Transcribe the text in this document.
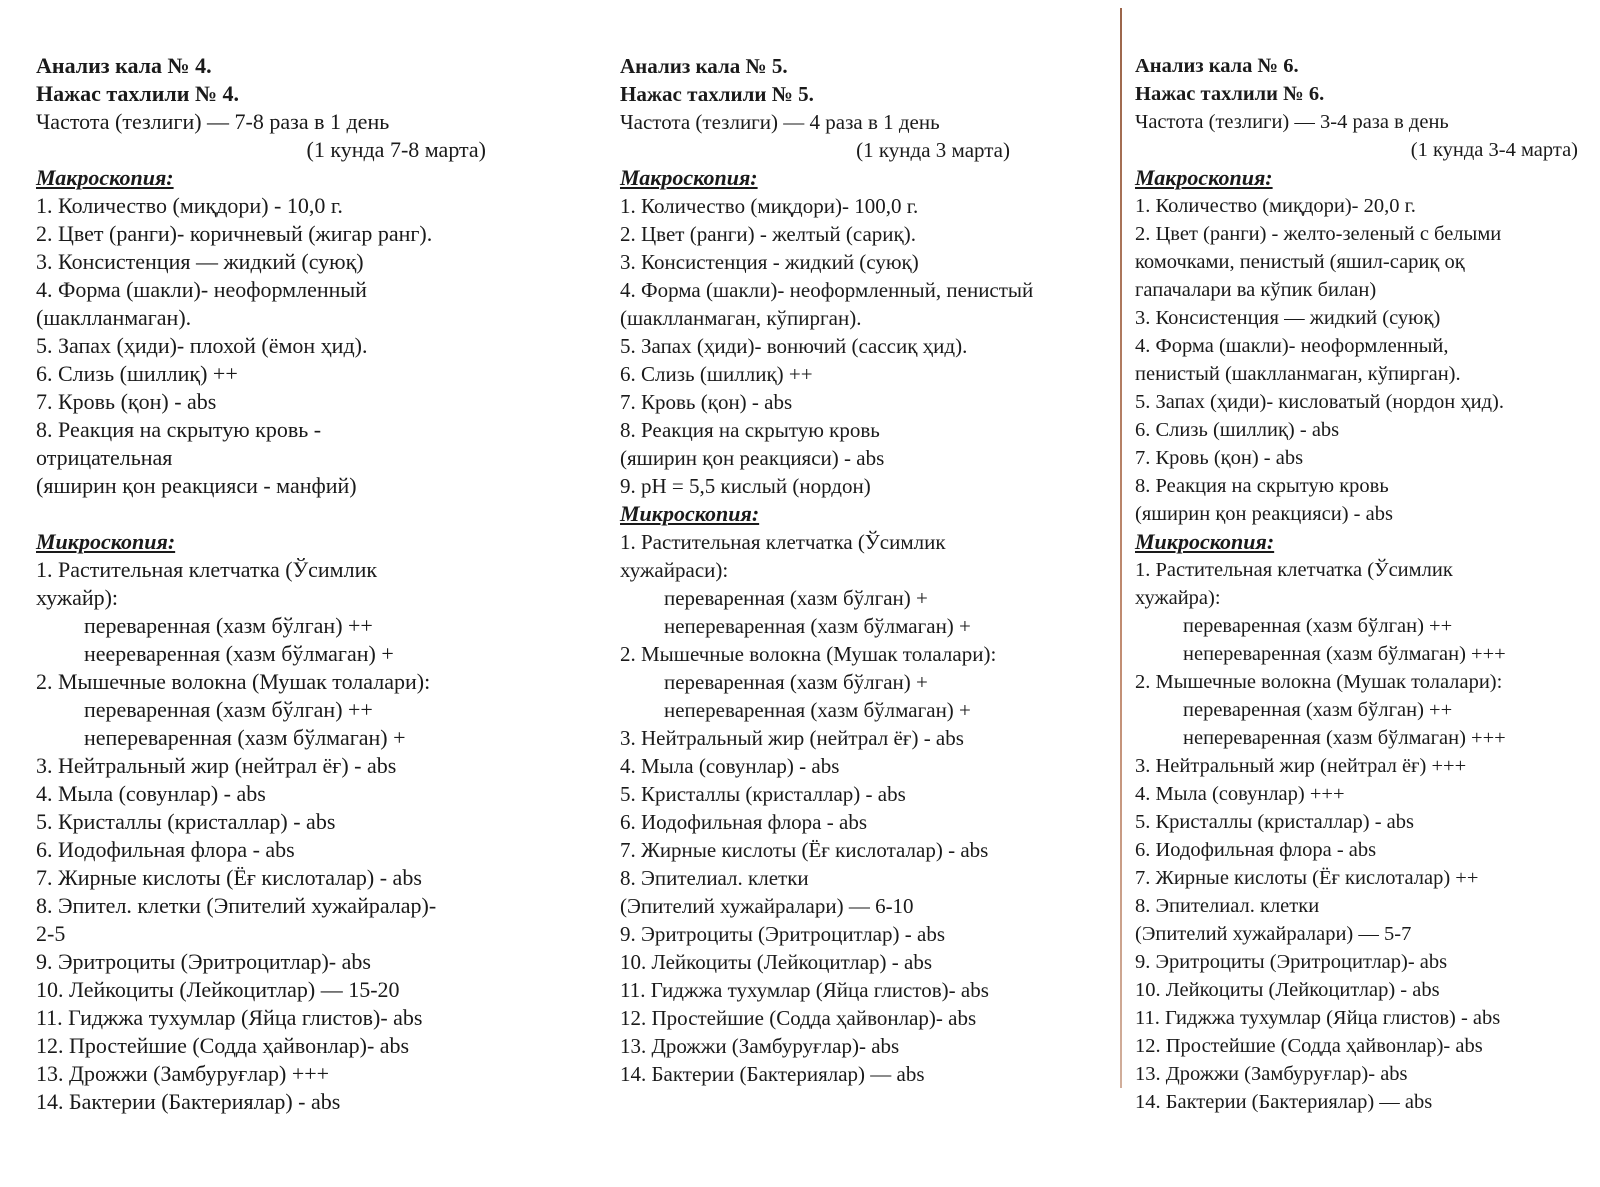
Анализ кала № 4.

Нажас тахлили № 4.

Частота (тезлиги) — 7-8 раза в 1 день

(1 кунда 7-8 марта)

Макроскопия:

1. Количество (миқдори) - 10,0 г.

2. Цвет (ранги)- коричневый (жигар ранг).

3. Консистенция — жидкий (суюқ)

4. Форма (шакли)- неоформленный

(шаклланмаган).

5. Запах (ҳиди)- плохой (ёмон ҳид).

6. Слизь (шиллиқ) ++

7. Кровь (қон) - abs

8. Реакция на скрытую кровь -

отрицательная

(яширин қон реакцияси - манфий)

Микроскопия:

1. Растительная клетчатка (Ўсимлик

хужайр):

переваренная (хазм бўлган) ++

неереваренная (хазм бўлмаган) +

2. Мышечные волокна (Мушак толалари):

переваренная (хазм бўлган) ++

непереваренная (хазм бўлмаган) +

3. Нейтральный жир (нейтрал ёғ) - abs

4. Мыла (совунлар) - abs

5. Кристаллы (кристаллар) - abs

6. Иодофильная флора - abs

7. Жирные кислоты (Ёғ кислоталар) - abs

8. Эпител. клетки (Эпителий хужайралар)-

2-5

9. Эритроциты (Эритроцитлар)- abs

10. Лейкоциты (Лейкоцитлар) — 15-20

11. Гиджжа тухумлар (Яйца глистов)- abs

12. Простейшие (Содда ҳайвонлар)- abs

13. Дрожжи (Замбуруғлар) +++

14. Бактерии (Бактериялар) - abs

Анализ кала № 5.

Нажас тахлили № 5.

Частота (тезлиги) — 4 раза в 1 день

(1 кунда 3 марта)

Макроскопия:

1. Количество (миқдори)- 100,0 г.

2. Цвет (ранги) - желтый (сариқ).

3. Консистенция - жидкий (суюқ)

4. Форма (шакли)- неоформленный, пенистый

(шаклланмаган, кўпирган).

5. Запах (ҳиди)- вонючий (сассиқ ҳид).

6. Слизь (шиллиқ) ++

7. Кровь (қон) - abs

8. Реакция на скрытую кровь

(яширин қон реакцияси) - abs

9. pH = 5,5 кислый (нордон)

Микроскопия:

1. Растительная клетчатка (Ўсимлик

хужайраси):

переваренная (хазм бўлган) +

непереваренная (хазм бўлмаган) +

2. Мышечные волокна (Мушак толалари):

переваренная (хазм бўлган) +

непереваренная (хазм бўлмаган) +

3. Нейтральный жир (нейтрал ёғ) - abs

4. Мыла (совунлар) - abs

5. Кристаллы (кристаллар) - abs

6. Иодофильная флора - abs

7. Жирные кислоты (Ёғ кислоталар) - abs

8. Эпителиал. клетки

(Эпителий хужайралари) — 6-10

9. Эритроциты (Эритроцитлар) - abs

10. Лейкоциты (Лейкоцитлар) - abs

11. Гиджжа тухумлар (Яйца глистов)- abs

12. Простейшие (Содда ҳайвонлар)- abs

13. Дрожжи (Замбуруғлар)- abs

14. Бактерии (Бактериялар) — abs

Анализ кала № 6.

Нажас тахлили № 6.

Частота (тезлиги) — 3-4 раза в день

(1 кунда 3-4 марта)

Макроскопия:

1. Количество (миқдори)- 20,0 г.

2. Цвет (ранги) - желто-зеленый с белыми

комочками, пенистый (яшил-сариқ оқ

гапачалари ва кўпик билан)

3. Консистенция — жидкий (суюқ)

4. Форма (шакли)- неоформленный,

пенистый (шаклланмаган, кўпирган).

5. Запах (ҳиди)- кисловатый (нордон ҳид).

6. Слизь (шиллиқ) - abs

7. Кровь (қон) - abs

8. Реакция на скрытую кровь

(яширин қон реакцияси) - abs

Микроскопия:

1. Растительная клетчатка (Ўсимлик

хужайра):

переваренная (хазм бўлган) ++

непереваренная (хазм бўлмаган) +++

2. Мышечные волокна (Мушак толалари):

переваренная (хазм бўлган) ++

непереваренная (хазм бўлмаган) +++

3. Нейтральный жир (нейтрал ёғ) +++

4. Мыла (совунлар) +++

5. Кристаллы (кристаллар) - abs

6. Иодофильная флора - abs

7. Жирные кислоты (Ёғ кислоталар) ++

8. Эпителиал. клетки

(Эпителий хужайралари) — 5-7

9. Эритроциты (Эритроцитлар)- abs

10. Лейкоциты (Лейкоцитлар) - abs

11. Гиджжа тухумлар (Яйца глистов) - abs

12. Простейшие (Содда ҳайвонлар)- abs

13. Дрожжи (Замбуруғлар)- abs

14. Бактерии (Бактериялар) — abs
